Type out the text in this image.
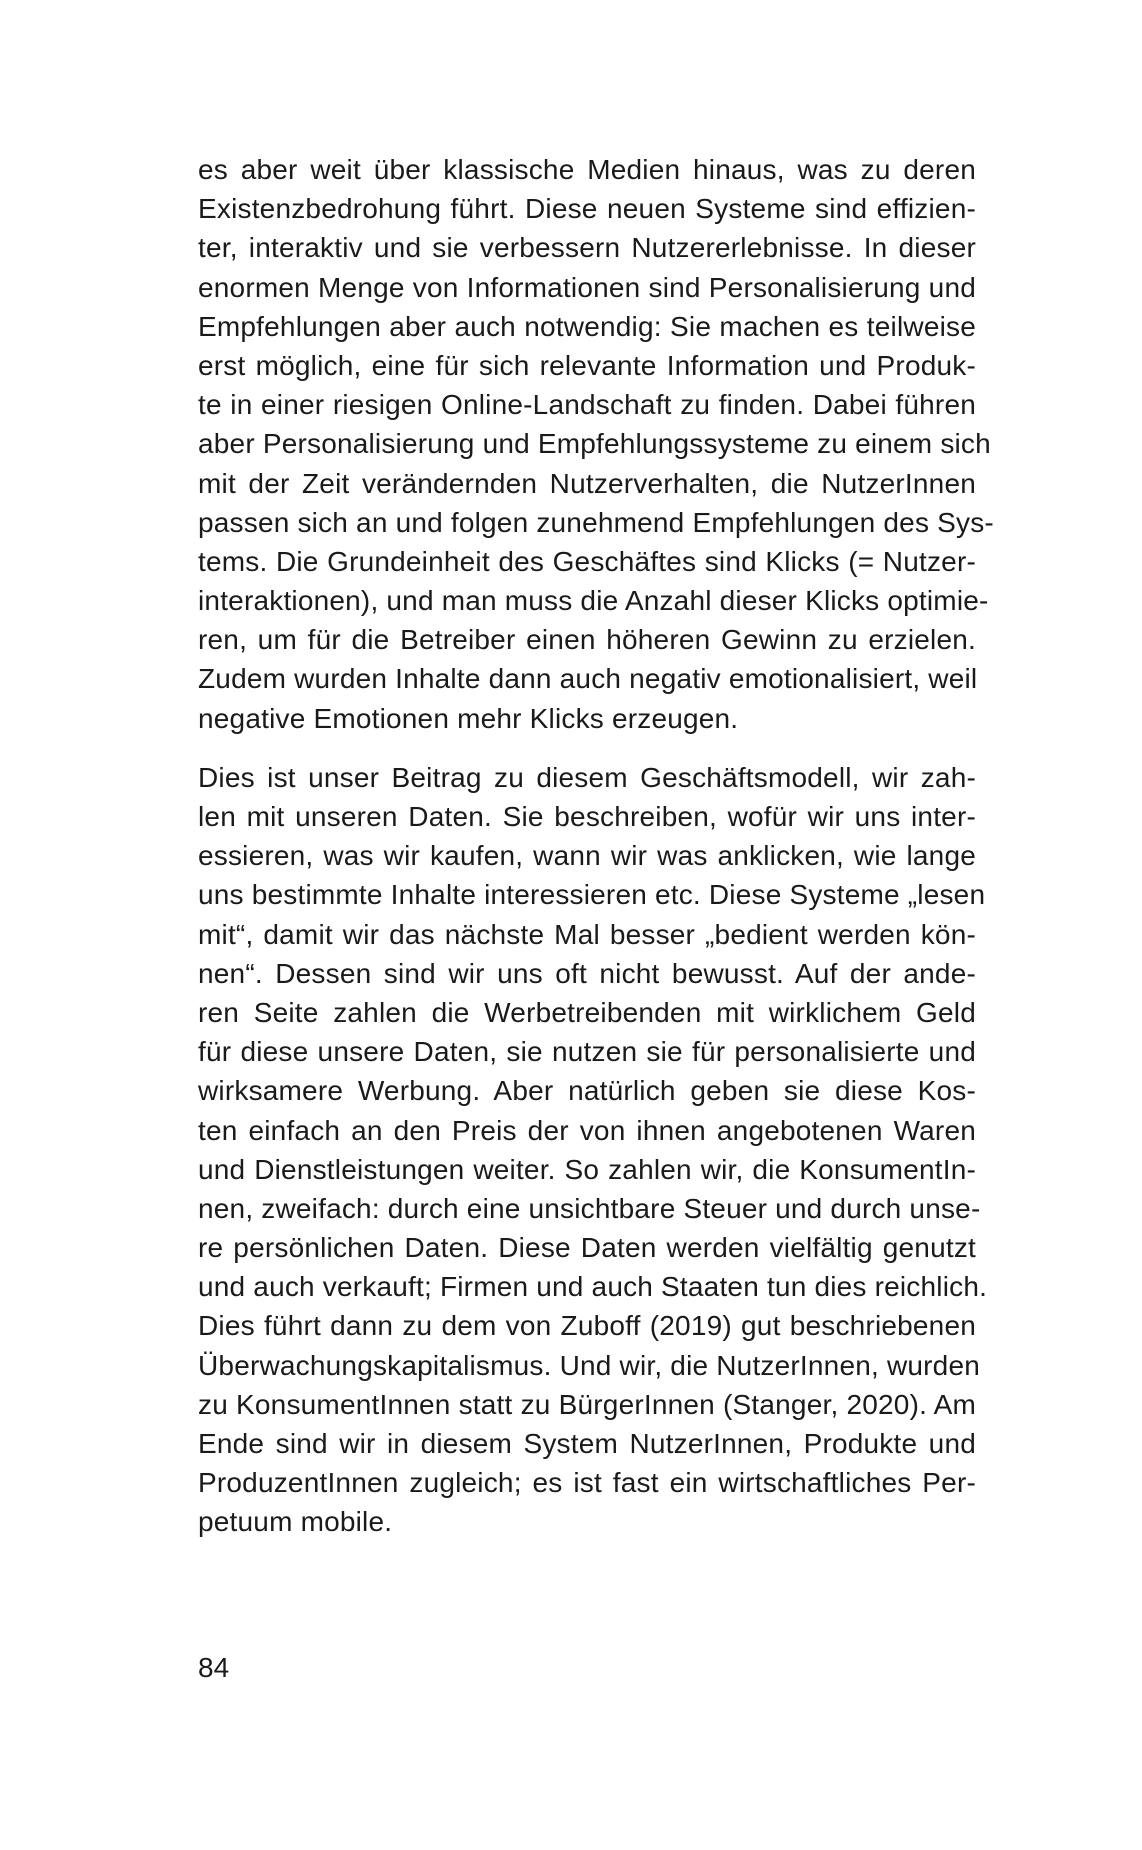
es aber weit über klassische Medien hinaus, was zu deren
Existenzbedrohung führt. Diese neuen Systeme sind effizien-
ter, interaktiv und sie verbessern Nutzererlebnisse. In dieser
enormen Menge von Informationen sind Personalisierung und
Empfehlungen aber auch notwendig: Sie machen es teilweise
erst möglich, eine für sich relevante Information und Produk-
te in einer riesigen Online-Landschaft zu finden. Dabei führen
aber Personalisierung und Empfehlungssysteme zu einem sich
mit der Zeit verändernden Nutzerverhalten, die NutzerInnen
passen sich an und folgen zunehmend Empfehlungen des Sys-
tems. Die Grundeinheit des Geschäftes sind Klicks (= Nutzer-
interaktionen), und man muss die Anzahl dieser Klicks optimie-
ren, um für die Betreiber einen höheren Gewinn zu erzielen.
Zudem wurden Inhalte dann auch negativ emotionalisiert, weil
negative Emotionen mehr Klicks erzeugen.
Dies ist unser Beitrag zu diesem Geschäftsmodell, wir zah-
len mit unseren Daten. Sie beschreiben, wofür wir uns inter-
essieren, was wir kaufen, wann wir was anklicken, wie lange
uns bestimmte Inhalte interessieren etc. Diese Systeme „lesen
mit“, damit wir das nächste Mal besser „bedient werden kön-
nen“. Dessen sind wir uns oft nicht bewusst. Auf der ande-
ren Seite zahlen die Werbetreibenden mit wirklichem Geld
für diese unsere Daten, sie nutzen sie für personalisierte und
wirksamere Werbung. Aber natürlich geben sie diese Kos-
ten einfach an den Preis der von ihnen angebotenen Waren
und Dienstleistungen weiter. So zahlen wir, die KonsumentIn-
nen, zweifach: durch eine unsichtbare Steuer und durch unse-
re persönlichen Daten. Diese Daten werden vielfältig genutzt
und auch verkauft; Firmen und auch Staaten tun dies reichlich.
Dies führt dann zu dem von Zuboff (2019) gut beschriebenen
Überwachungskapitalismus. Und wir, die NutzerInnen, wurden
zu KonsumentInnen statt zu BürgerInnen (Stanger, 2020). Am
Ende sind wir in diesem System NutzerInnen, Produkte und
ProduzentInnen zugleich; es ist fast ein wirtschaftliches Per-
petuum mobile.
84
